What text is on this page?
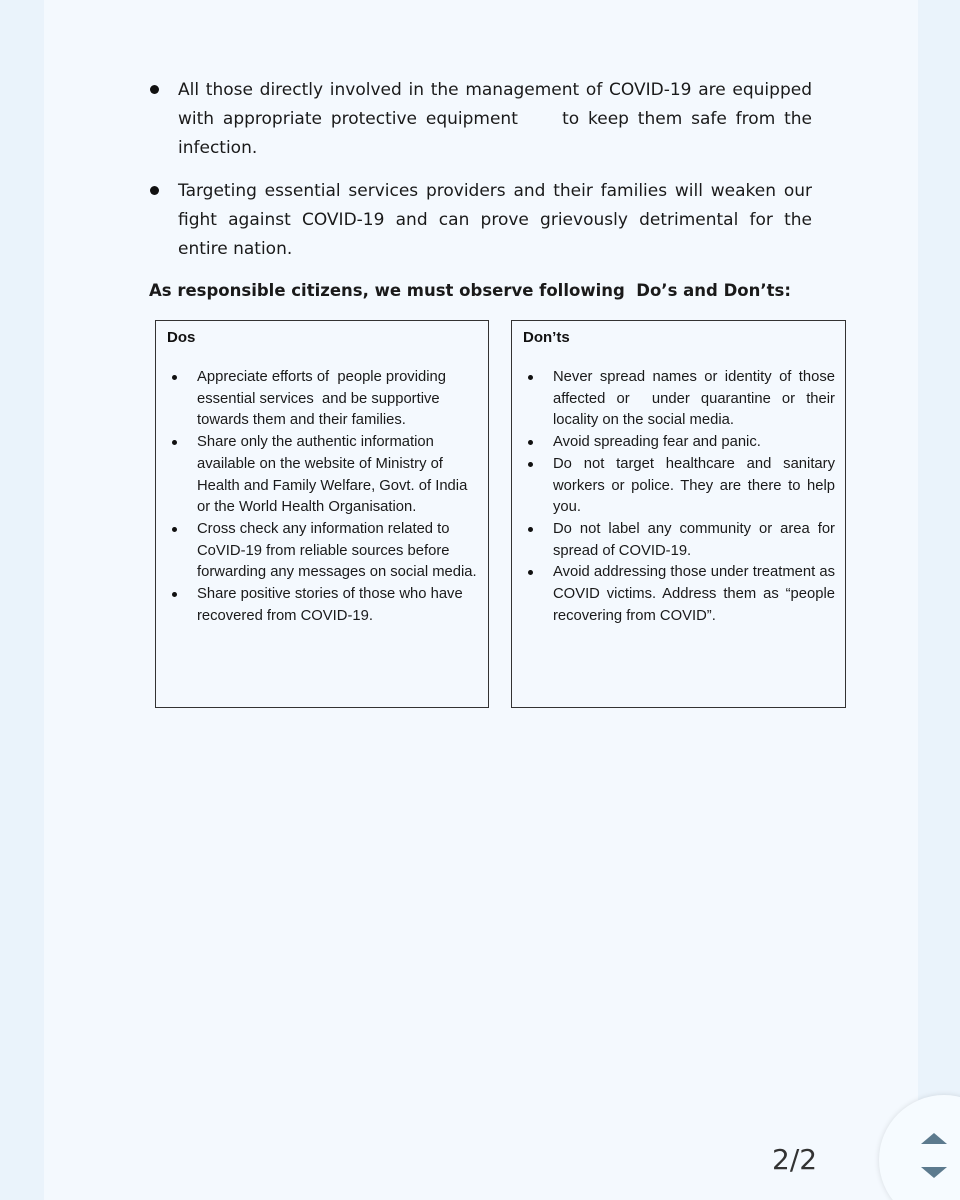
All those directly involved in the management of COVID-19 are equipped with appropriate protective equipment     to keep them safe from the infection.
Targeting essential services providers and their families will weaken our fight against COVID-19 and can prove grievously detrimental for the entire nation.
As responsible citizens, we must observe following  Do’s and Don’ts:
Dos
Appreciate efforts of  people providing essential services  and be supportive towards them and their families.
Share only the authentic information available on the website of Ministry of Health and Family Welfare, Govt. of India or the World Health Organisation.
Cross check any information related to CoVID-19 from reliable sources before forwarding any messages on social media.
Share positive stories of those who have recovered from COVID-19.
Don’ts
Never spread names or identity of those affected or  under quarantine or their locality on the social media.
Avoid spreading fear and panic.
Do not target healthcare and sanitary workers or police. They are there to help you.
Do not label any community or area for spread of COVID-19.
Avoid addressing those under treatment as COVID victims. Address them as “people recovering from COVID”.
2/2
